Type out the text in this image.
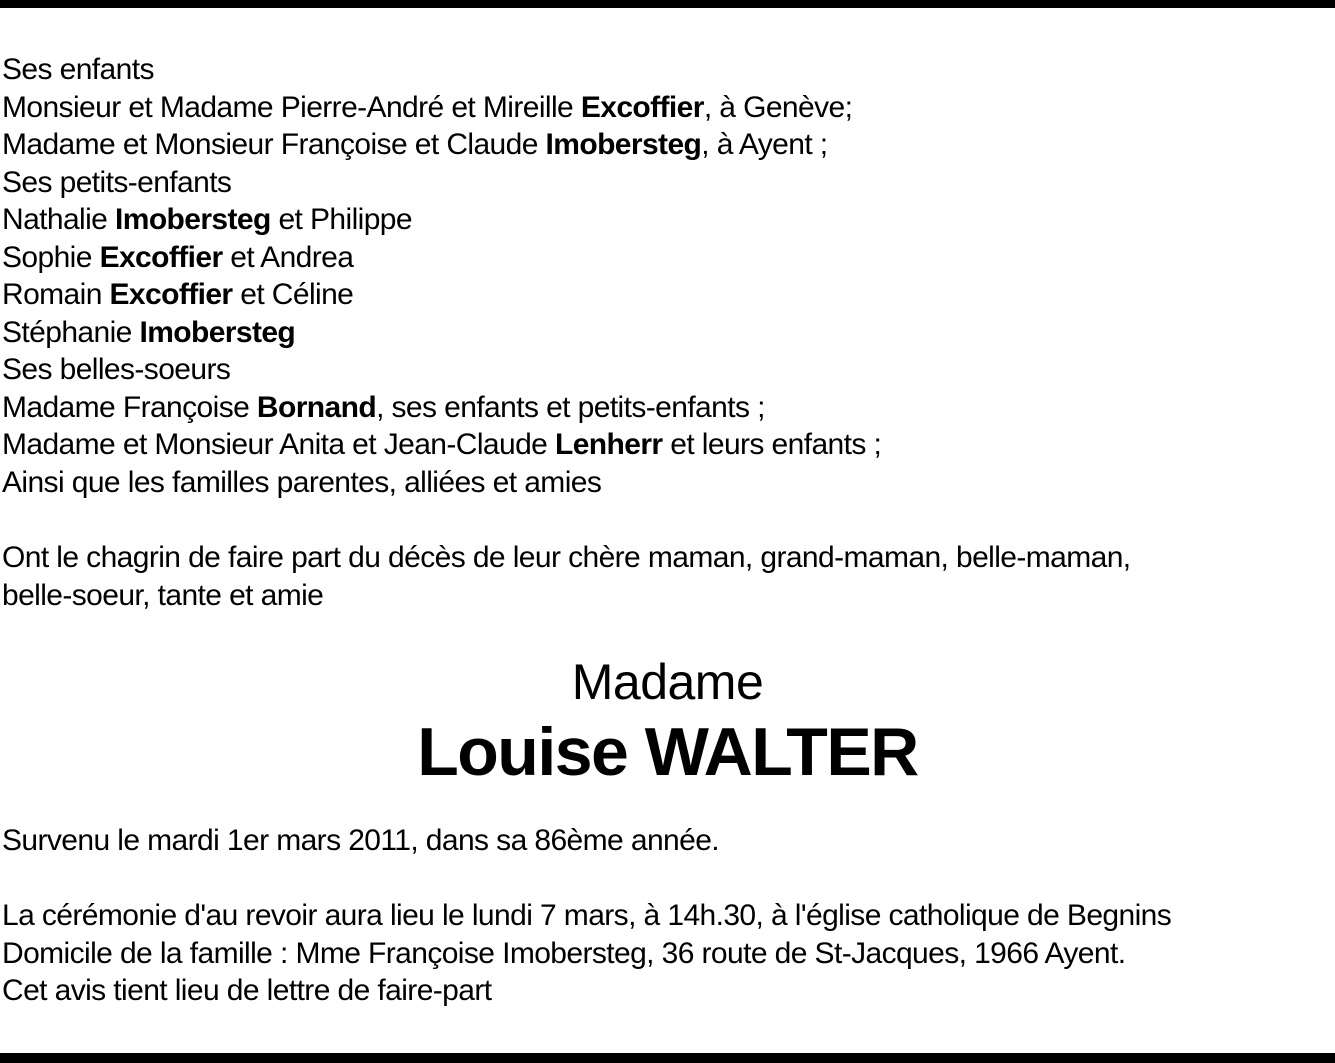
Ses enfants
Monsieur et Madame Pierre-André et Mireille Excoffier, à Genève;
Madame et Monsieur Françoise et Claude Imobersteg, à Ayent ;
Ses petits-enfants
Nathalie Imobersteg et Philippe
Sophie Excoffier et Andrea
Romain Excoffier et Céline
Stéphanie Imobersteg
Ses belles-soeurs
Madame Françoise Bornand, ses enfants et petits-enfants ;
Madame et Monsieur Anita et Jean-Claude Lenherr et leurs enfants ;
Ainsi que les familles parentes, alliées et amies
Ont le chagrin de faire part du décès de leur chère maman, grand-maman, belle-maman,
belle-soeur, tante et amie
Madame
Louise WALTER
Survenu le mardi 1er mars 2011, dans sa 86ème année.
La cérémonie d'au revoir aura lieu le lundi 7 mars, à 14h.30, à l'église catholique de Begnins
Domicile de la famille : Mme Françoise Imobersteg, 36 route de St-Jacques, 1966 Ayent.
Cet avis tient lieu de lettre de faire-part
